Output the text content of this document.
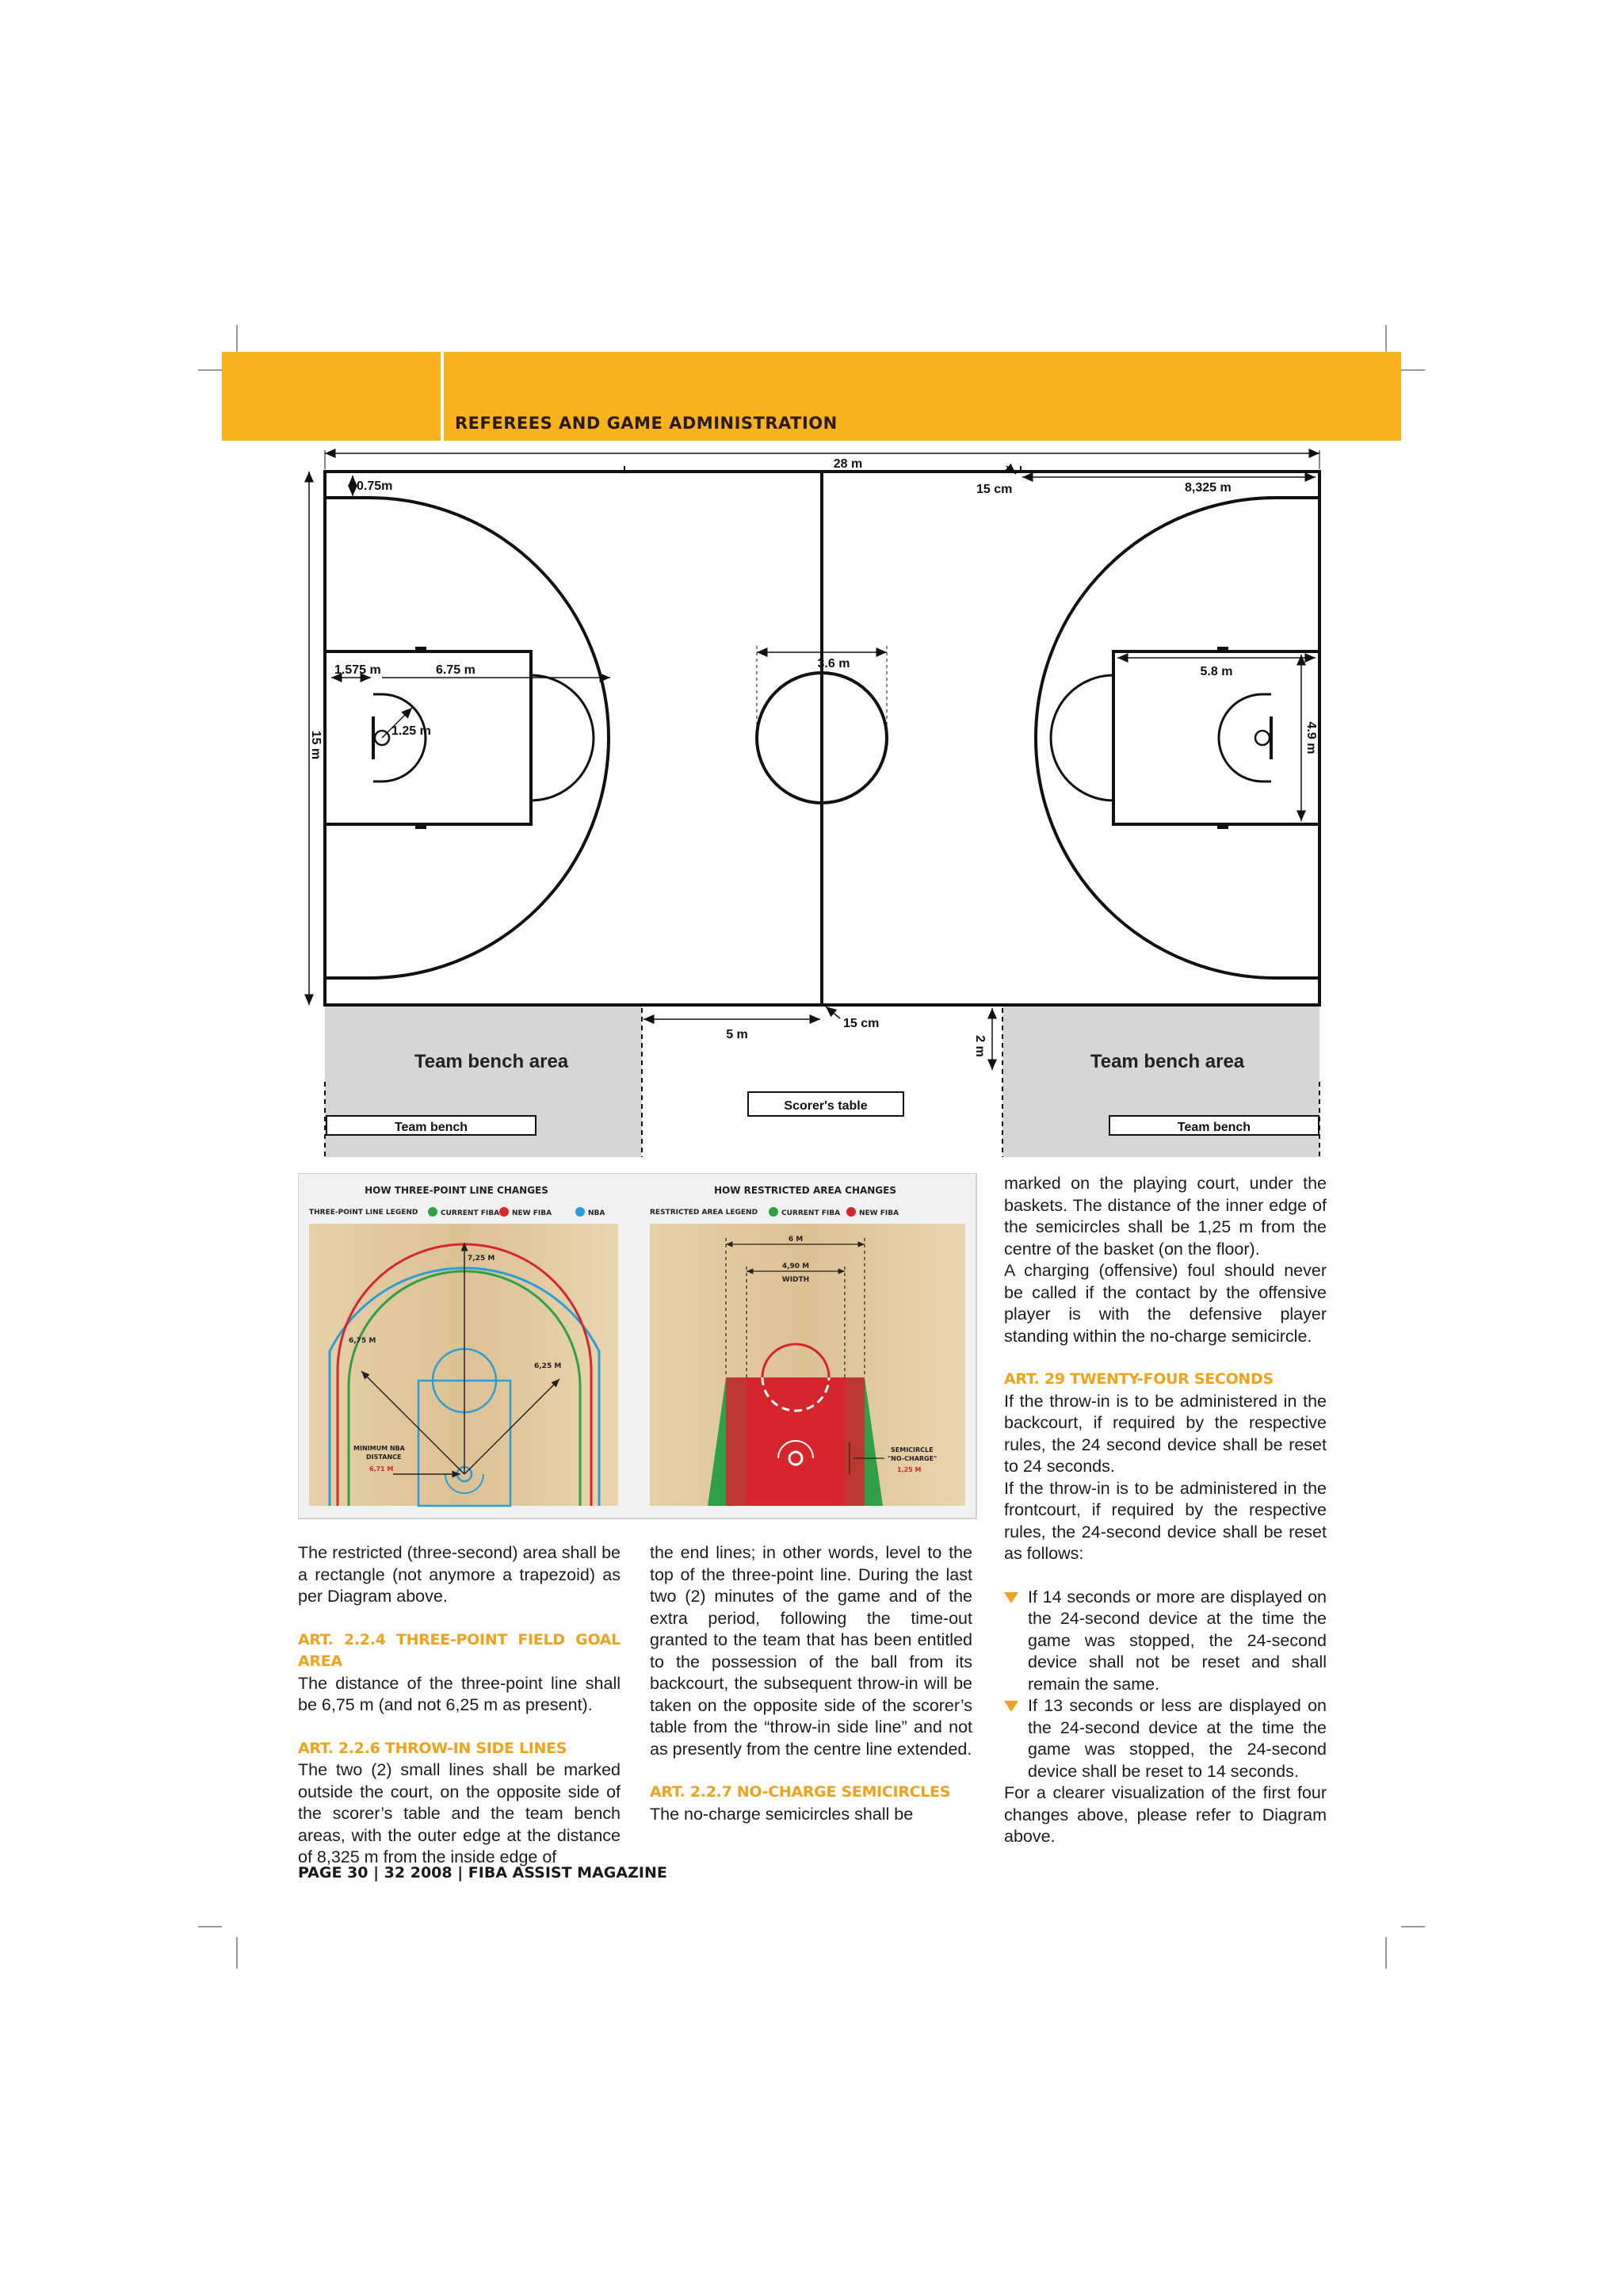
REFEREES AND GAME ADMINISTRATION
Team bench area	Team bench area
Team bench	Team bench
Scorer's table
28 m
15 m
0.75m	8,325 m
15 cm
1.575 m	6.75 m
1.25 m
3.6 m
5.8 m
4.9 m
5 m
15 cm
2 m
HOW THREE-POINT LINE CHANGES
THREE-POINT LINE LEGEND	CURRENT FIBA NEW FIBA	NBA
7,25 M
6,75 M
6,25 M
MINIMUM NBA
DISTANCE
6,71 M
HOW RESTRICTED AREA CHANGES
RESTRICTED AREA LEGEND	CURRENT FIBA	NEW FIBA
6 M
4,90 M
WIDTH
SEMICIRCLE
"NO-CHARGE"
1,25 M

The restricted (three-second) area shall be a rectangle (not anymore a trapezoid) as per Diagram above.

ART. 2.2.4 THREE-POINT FIELD GOAL AREA

The distance of the three-point line shall be 6,75 m (and not 6,25 m as present).

ART. 2.2.6 THROW-IN SIDE LINES

The two (2) small lines shall be marked outside the court, on the opposite side of the scorer’s table and the team bench areas, with the outer edge at the distance of 8,325 m from the inside edge of

the end lines; in other words, level to the top of the three-point line. During the last two (2) minutes of the game and of the extra period, following the time-out granted to the team that has been entitled to the possession of the ball from its backcourt, the subsequent throw-in will be taken on the opposite side of the scorer’s table from the “throw-in side line” and not as presently from the centre line extended.

ART. 2.2.7 NO-CHARGE SEMICIRCLES

The no-charge semicircles shall be

marked on the playing court, under the baskets. The distance of the inner edge of the semicircles shall be 1,25 m from the centre of the basket (on the floor).

A charging (offensive) foul should never be called if the contact by the offensive player is with the defensive player standing within the no-charge semicircle.

ART. 29 TWENTY-FOUR SECONDS

If the throw-in is to be administered in the backcourt, if required by the respective rules, the 24 second device shall be reset to 24 seconds.

If the throw-in is to be administered in the frontcourt, if required by the respective rules, the 24-second device shall be reset as follows:

If 14 seconds or more are displayed on the 24-second device at the time the game was stopped, the 24-second device shall not be reset and shall remain the same.
If 13 seconds or less are displayed on the 24-second device at the time the game was stopped, the 24-second device shall be reset to 14 seconds.

For a clearer visualization of the first four changes above, please refer to Diagram above.

PAGE 30 | 32 2008 | FIBA ASSIST MAGAZINE
